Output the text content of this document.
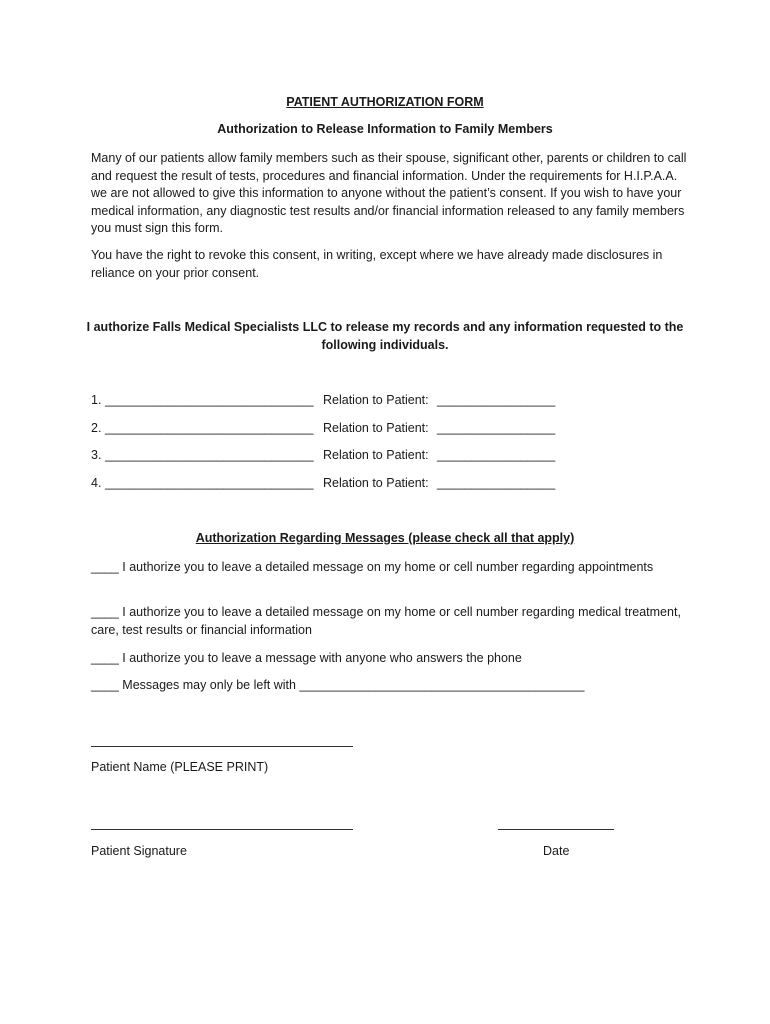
PATIENT AUTHORIZATION FORM
Authorization to Release Information to Family Members
Many of our patients allow family members such as their spouse, significant other, parents or children to call and request the result of tests, procedures and financial information. Under the requirements for H.I.P.A.A. we are not allowed to give this information to anyone without the patient’s consent. If you wish to have your medical information, any diagnostic test results and/or financial information released to any family members you must sign this form.
You have the right to revoke this consent, in writing, except where we have already made disclosures in reliance on your prior consent.
I authorize Falls Medical Specialists LLC to release my records and any information requested to the following individuals.
1. ______________________________ Relation to Patient: _________________
2. ______________________________ Relation to Patient: _________________
3. ______________________________ Relation to Patient: _________________
4. ______________________________ Relation to Patient: _________________
Authorization Regarding Messages (please check all that apply)
____ I authorize you to leave a detailed message on my home or cell number regarding appointments
____ I authorize you to leave a detailed message on my home or cell number regarding medical treatment, care, test results or financial information
____ I authorize you to leave a message with anyone who answers the phone
____ Messages may only be left with _________________________________________
Patient Name (PLEASE PRINT)
Patient Signature	Date
